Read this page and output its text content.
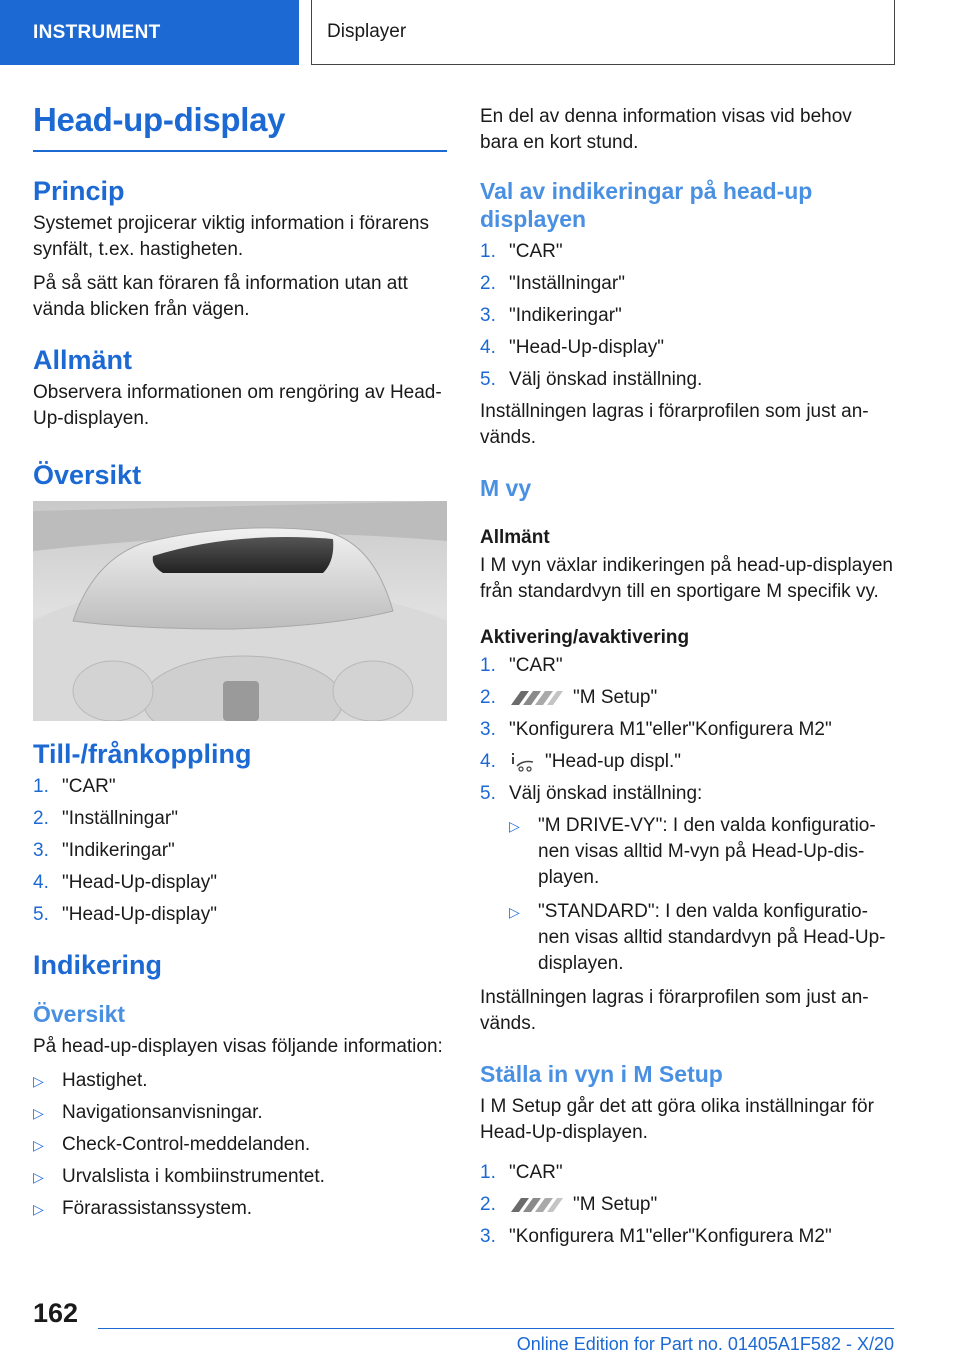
INSTRUMENT	Displayer
Head-up-display
Princip

Systemet projicerar viktig information i förarens synfält, t.ex. hastigheten.

På så sätt kan föraren få information utan att vända blicken från vägen.

Allmänt

Observera informationen om rengöring av Head-Up-displayen.

Översikt
Till-/frånkoppling
1. "CAR"
2. "Inställningar"
3. "Indikeringar"
4. "Head-Up-display"
5. "Head-Up-display"
Indikering
Översikt

På head-up-displayen visas följande information:

▷ Hastighet.
▷ Navigationsanvisningar.
▷ Check-Control-meddelanden.
▷ Urvalslista i kombiinstrumentet.
▷ Förarassistanssystem.

En del av denna information visas vid behov bara en kort stund.

Val av indikeringar på head-up displayen
1. "CAR"
2. "Inställningar"
3. "Indikeringar"
4. "Head-Up-display"
5. Välj önskad inställning.

Inställningen lagras i förarprofilen som just an-vänds.

M vy
Allmänt

I M vyn växlar indikeringen på head-up-displayen från standardvyn till en sportigare M specifik vy.

Aktivering/avaktivering
1. "CAR"
2.	"M Setup"
3. "Konfigurera M1"eller"Konfigurera M2"
4.	"Head-up displ."
5. Välj önskad inställning:
▷ "M DRIVE-VY": I den valda konfiguratio-nen visas alltid M-vyn på Head-Up-dis-playen.
▷ "STANDARD": I den valda konfiguratio-nen visas alltid standardvyn på Head-Up-displayen.

Inställningen lagras i förarprofilen som just an-vänds.

Ställa in vyn i M Setup

I M Setup går det att göra olika inställningar för Head-Up-displayen.

1. "CAR"
2.	"M Setup"
3. "Konfigurera M1"eller"Konfigurera M2"
162
Online Edition for Part no. 01405A1F582 - X/20
